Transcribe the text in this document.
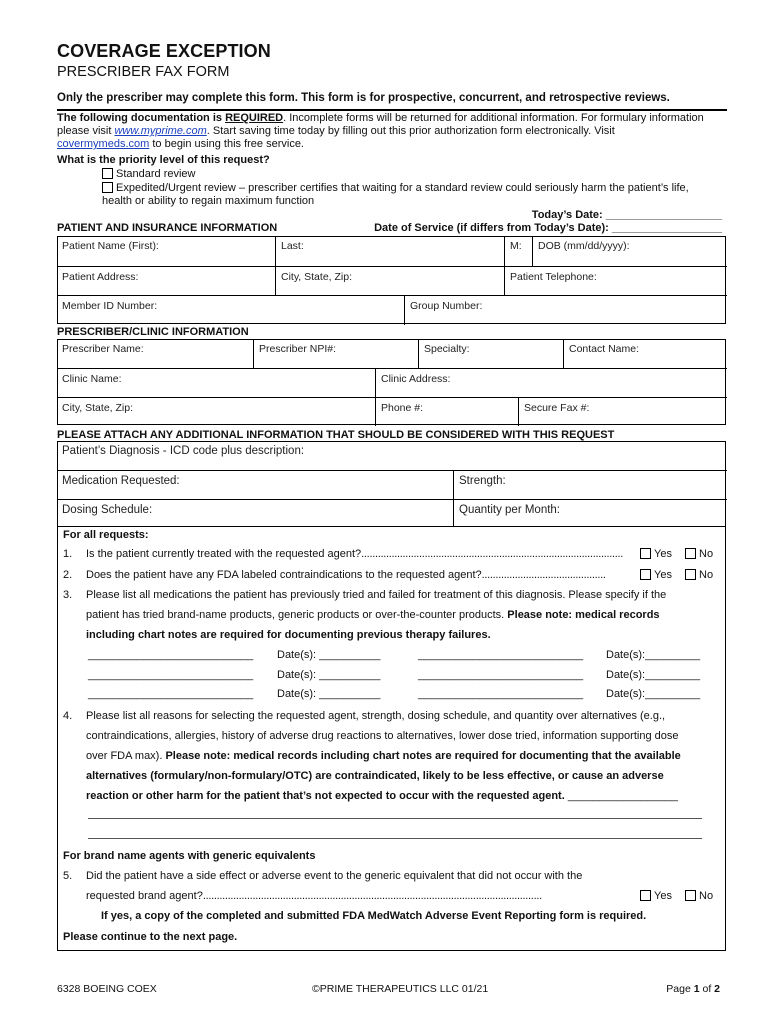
COVERAGE EXCEPTION
PRESCRIBER FAX FORM
Only the prescriber may complete this form. This form is for prospective, concurrent, and retrospective reviews.
The following documentation is REQUIRED. Incomplete forms will be returned for additional information. For formulary information
please visit www.myprime.com. Start saving time today by filling out this prior authorization form electronically. Visit
covermymeds.com to begin using this free service.
What is the priority level of this request?
Standard review
Expedited/Urgent review – prescriber certifies that waiting for a standard review could seriously harm the patient’s life,
health or ability to regain maximum function
Today’s Date: ___________________
Date of Service (if differs from Today’s Date): __________________
PATIENT AND INSURANCE INFORMATION
Patient Name (First):	Last:	M:	DOB (mm/dd/yyyy):
Patient Address:	City, State, Zip:	Patient Telephone:
Member ID Number:	Group Number:
PRESCRIBER/CLINIC INFORMATION
Prescriber Name:	Prescriber NPI#:	Specialty:	Contact Name:
Clinic Name:	Clinic Address:
City, State, Zip:	Phone #:	Secure Fax #:
PLEASE ATTACH ANY ADDITIONAL INFORMATION THAT SHOULD BE CONSIDERED WITH THIS REQUEST
Patient’s Diagnosis - ICD code plus description:
Medication Requested:	Strength:
Dosing Schedule:	Quantity per Month:
For all requests:
1. Is the patient currently treated with the requested agent?...............................................................................................	Yes	No
2. Does the patient have any FDA labeled contraindications to the requested agent?.............................................	Yes	No
3. Please list all medications the patient has previously tried and failed for treatment of this diagnosis. Please specify if the
patient has tried brand-name products, generic products or over-the-counter products. Please note: medical records
including chart notes are required for documenting previous therapy failures.
___________________________ Date(s): __________	___________________________ Date(s):_________
___________________________ Date(s): __________	___________________________ Date(s):_________
___________________________ Date(s): __________	___________________________ Date(s):_________
4. Please list all reasons for selecting the requested agent, strength, dosing schedule, and quantity over alternatives (e.g.,
contraindications, allergies, history of adverse drug reactions to alternatives, lower dose tried, information supporting dose
over FDA max). Please note: medical records including chart notes are required for documenting that the available
alternatives (formulary/non-formulary/OTC) are contraindicated, likely to be less effective, or cause an adverse
reaction or other harm for the patient that’s not expected to occur with the requested agent. __________________
For brand name agents with generic equivalents
5. Did the patient have a side effect or adverse event to the generic equivalent that did not occur with the
requested brand agent?...........................................................................................................................	Yes	No
If yes, a copy of the completed and submitted FDA MedWatch Adverse Event Reporting form is required.
Please continue to the next page.
6328 BOEING COEX	©PRIME THERAPEUTICS LLC 01/21	Page 1 of 2
